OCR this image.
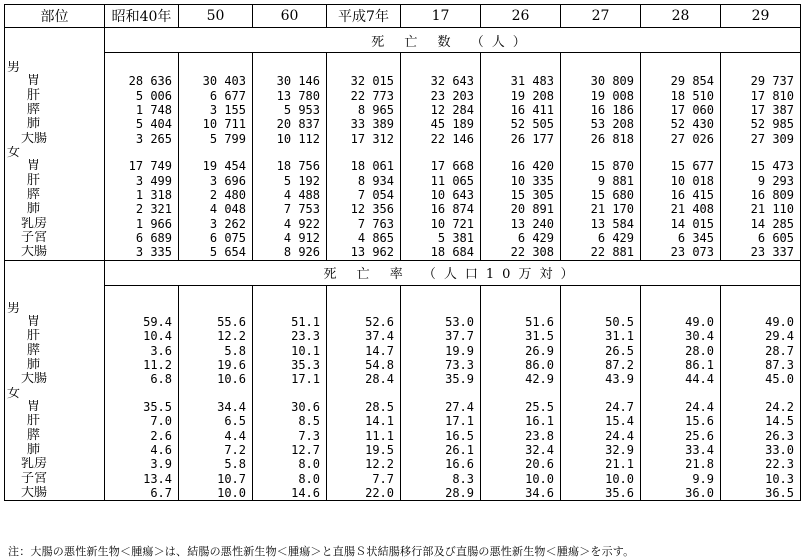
部位	昭和40年	50	60	平成7年	17	26	27	28	29
	死 亡 数 （人）								

男									
胃	28 636	30 403	30 146	32 015	32 643	31 483	30 809	29 854	29 737
肝	5 006	6 677	13 780	22 773	23 203	19 208	19 008	18 510	17 810
膵	1 748	3 155	5 953	8 965	12 284	16 411	16 186	17 060	17 387
肺	5 404	10 711	20 837	33 389	45 189	52 505	53 208	52 430	52 985
大腸	3 265	5 799	10 112	17 312	22 146	26 177	26 818	27 026	27 309
女									
胃	17 749	19 454	18 756	18 061	17 668	16 420	15 870	15 677	15 473
肝	3 499	3 696	5 192	8 934	11 065	10 335	9 881	10 018	9 293
膵	1 318	2 480	4 488	7 054	10 643	15 305	15 680	16 415	16 809
肺	2 321	4 048	7 753	12 356	16 874	20 891	21 170	21 408	21 110
乳房	1 966	3 262	4 922	7 763	10 721	13 240	13 584	14 015	14 285
子宮	6 689	6 075	4 912	4 865	5 381	6 429	6 429	6 345	6 605
大腸	3 335	5 654	8 926	13 962	18 684	22 308	22 881	23 073	23 337
	死 亡 率 （人口10万対）								

男									
胃	59.4	55.6	51.1	52.6	53.0	51.6	50.5	49.0	49.0
肝	10.4	12.2	23.3	37.4	37.7	31.5	31.1	30.4	29.4
膵	3.6	5.8	10.1	14.7	19.9	26.9	26.5	28.0	28.7
肺	11.2	19.6	35.3	54.8	73.3	86.0	87.2	86.1	87.3
大腸	6.8	10.6	17.1	28.4	35.9	42.9	43.9	44.4	45.0
女									
胃	35.5	34.4	30.6	28.5	27.4	25.5	24.7	24.4	24.2
肝	7.0	6.5	8.5	14.1	17.1	16.1	15.4	15.6	14.5
膵	2.6	4.4	7.3	11.1	16.5	23.8	24.4	25.6	26.3
肺	4.6	7.2	12.7	19.5	26.1	32.4	32.9	33.4	33.0
乳房	3.9	5.8	8.0	12.2	16.6	20.6	21.1	21.8	22.3
子宮	13.4	10.7	8.0	7.7	8.3	10.0	10.0	9.9	10.3
大腸	6.7	10.0	14.6	22.0	28.9	34.6	35.6	36.0	36.5
注：大腸の悪性新生物＜腫瘍＞は、結腸の悪性新生物＜腫瘍＞と直腸Ｓ状結腸移行部及び直腸の悪性新生物＜腫瘍＞を示す。
